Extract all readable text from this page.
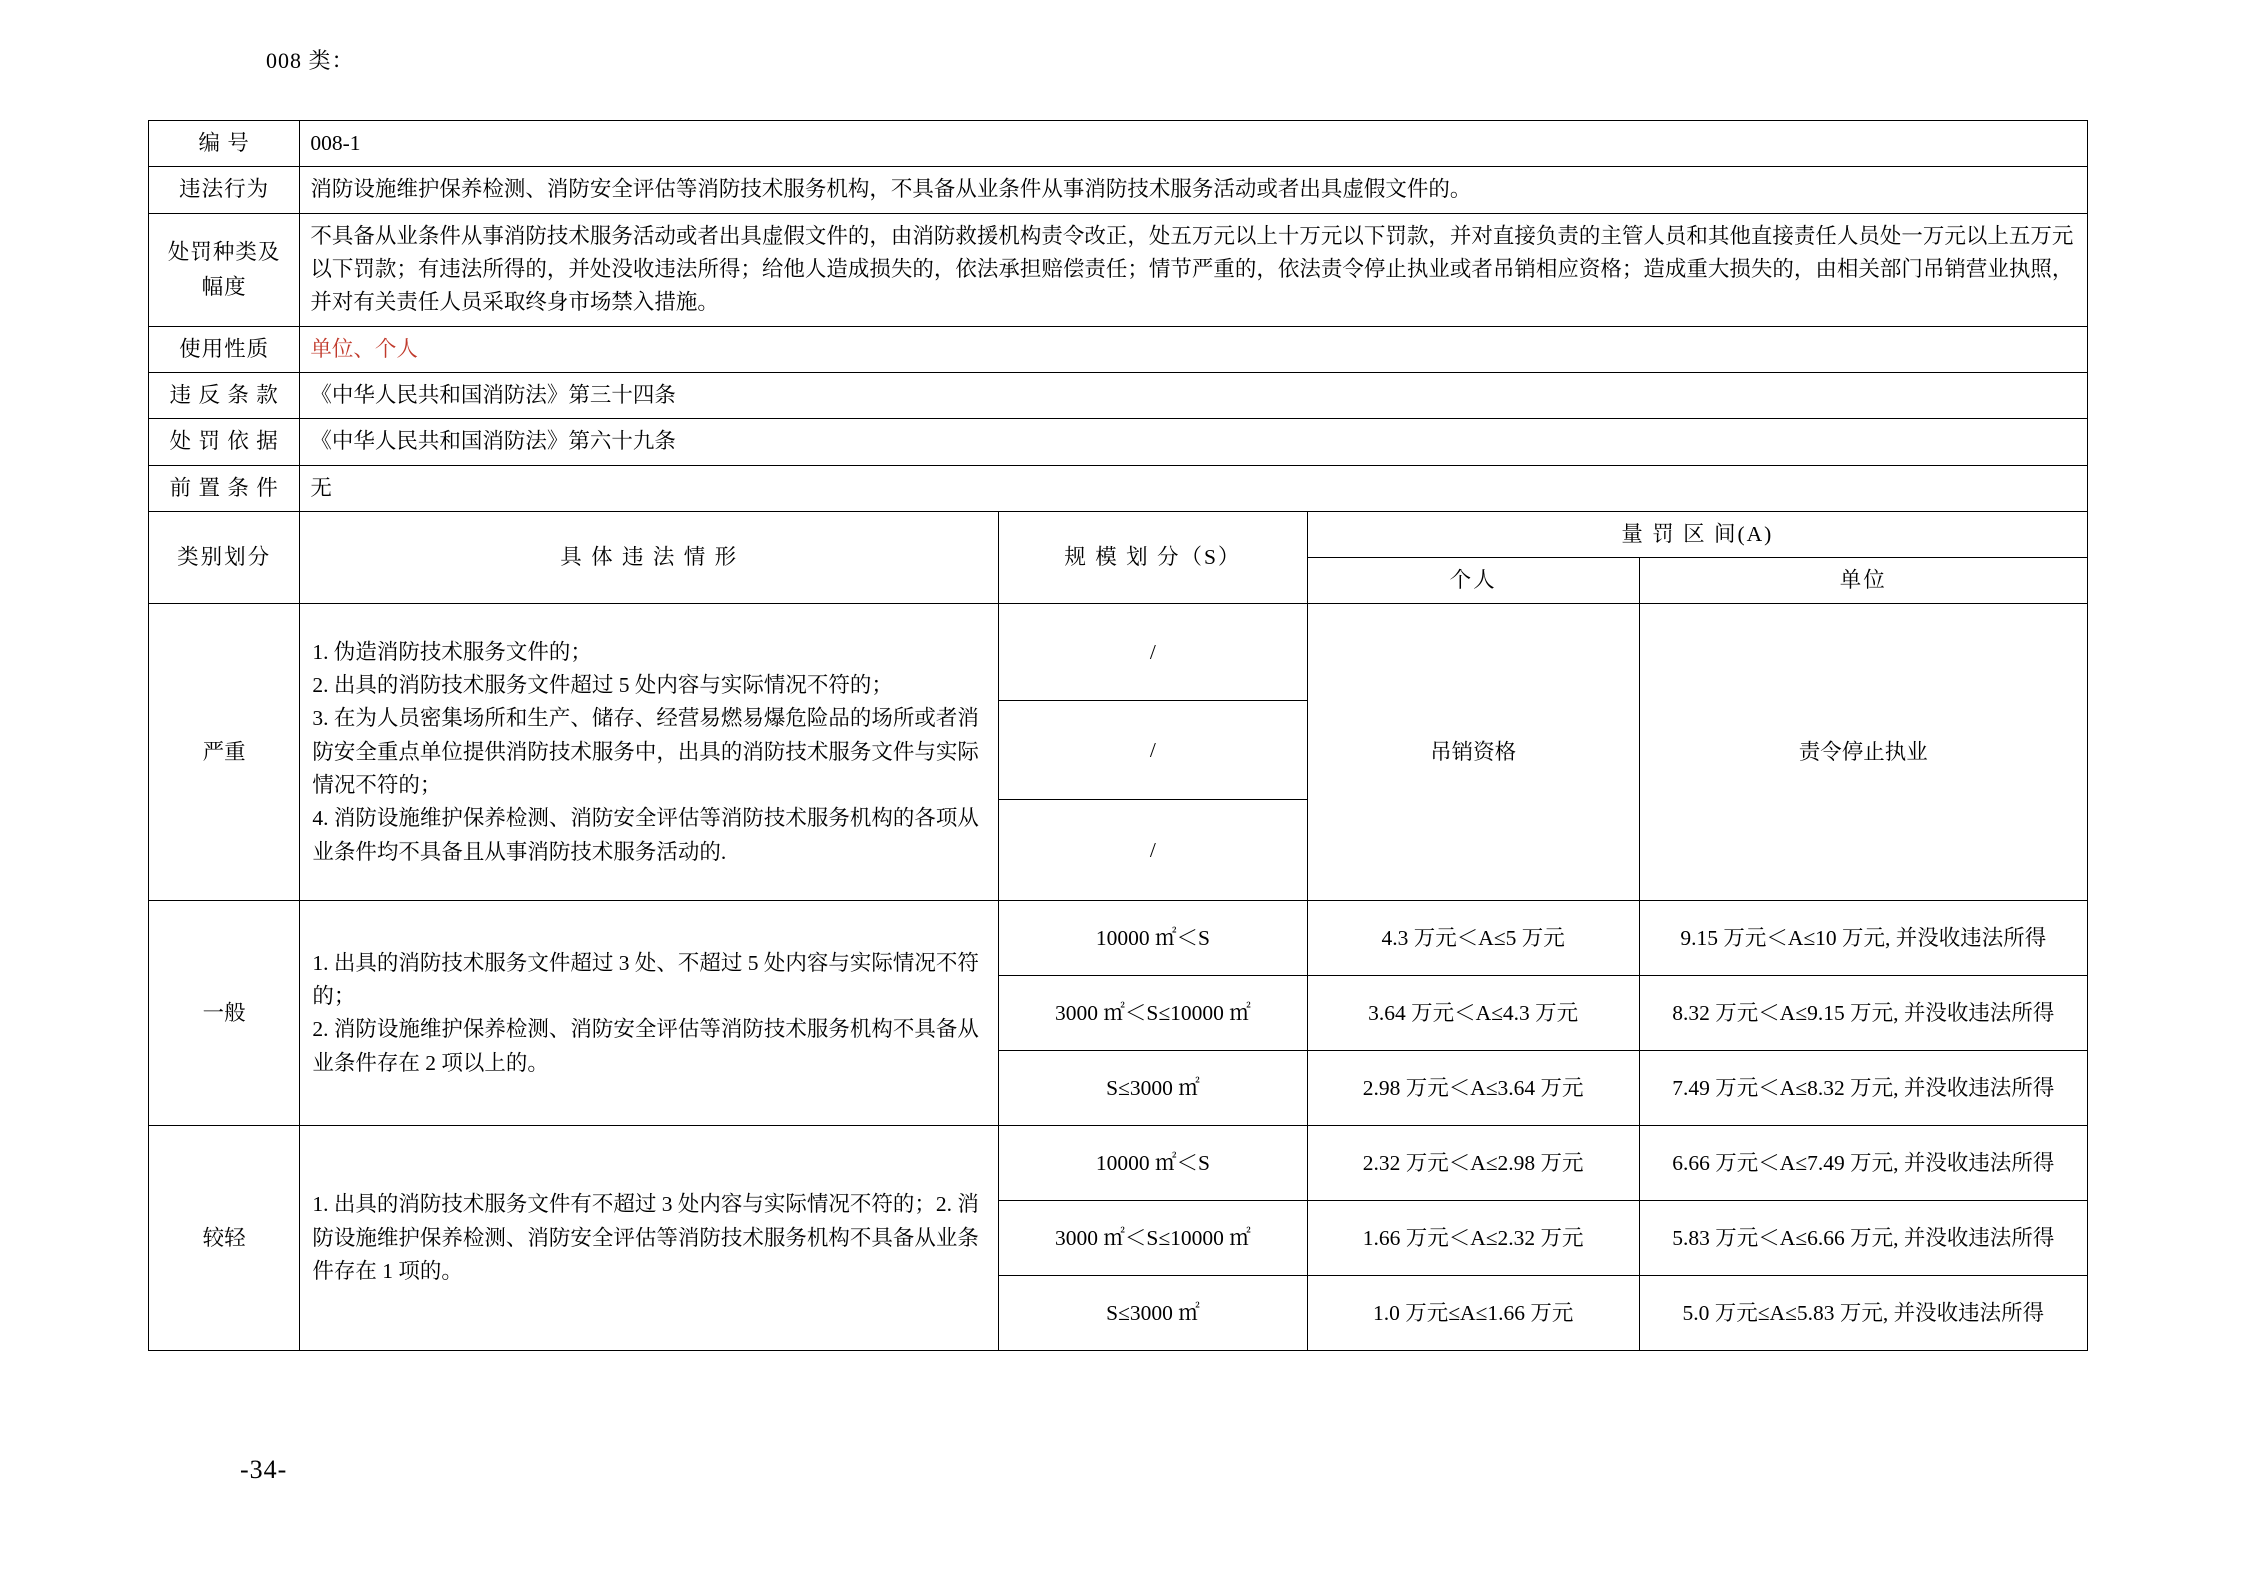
008 类：
编 号	008-1			
违法行为	消防设施维护保养检测、消防安全评估等消防技术服务机构，不具备从业条件从事消防技术服务活动或者出具虚假文件的。			

处罚种类及
幅度	不具备从业条件从事消防技术服务活动或者出具虚假文件的，由消防救援机构责令改正，处五万元以上十万元以下罚款，并对直接负责的主管人员和其他直接责任人员处一万元以上五万元以下罚款；有违法所得的，并处没收违法所得；给他人造成损失的，依法承担赔偿责任；情节严重的，依法责令停止执业或者吊销相应资格；造成重大损失的，由相关部门吊销营业执照，并对有关责任人员采取终身市场禁入措施。			
使用性质	单位、个人			
违 反 条 款	《中华人民共和国消防法》第三十四条			
处 罚 依 据	《中华人民共和国消防法》第六十九条			
前 置 条 件	无			
类别划分	具 体 违 法 情 形	规 模 划 分（S）	量 罚 区 间(A)	
			个人	单位
严重	1. 伪造消防技术服务文件的；
2. 出具的消防技术服务文件超过 5 处内容与实际情况不符的；
3. 在为人员密集场所和生产、储存、经营易燃易爆危险品的场所或者消防安全重点单位提供消防技术服务中，出具的消防技术服务文件与实际情况不符的；
4. 消防设施维护保养检测、消防安全评估等消防技术服务机构的各项从业条件均不具备且从事消防技术服务活动的.	/	吊销资格	责令停止执业
		/		
		/		
一般	1. 出具的消防技术服务文件超过 3 处、不超过 5 处内容与实际情况不符的；
2. 消防设施维护保养检测、消防安全评估等消防技术服务机构不具备从业条件存在 2 项以上的。	10000 ㎡＜S	4.3 万元＜A≤5 万元	9.15 万元＜A≤10 万元, 并没收违法所得
		3000 ㎡＜S≤10000 ㎡	3.64 万元＜A≤4.3 万元	8.32 万元＜A≤9.15 万元, 并没收违法所得
		S≤3000 ㎡	2.98 万元＜A≤3.64 万元	7.49 万元＜A≤8.32 万元, 并没收违法所得
较轻	1. 出具的消防技术服务文件有不超过 3 处内容与实际情况不符的；2. 消防设施维护保养检测、消防安全评估等消防技术服务机构不具备从业条件存在 1 项的。	10000 ㎡＜S	2.32 万元＜A≤2.98 万元	6.66 万元＜A≤7.49 万元, 并没收违法所得
		3000 ㎡＜S≤10000 ㎡	1.66 万元＜A≤2.32 万元	5.83 万元＜A≤6.66 万元, 并没收违法所得
		S≤3000 ㎡	1.0 万元≤A≤1.66 万元	5.0 万元≤A≤5.83 万元, 并没收违法所得
-34-
